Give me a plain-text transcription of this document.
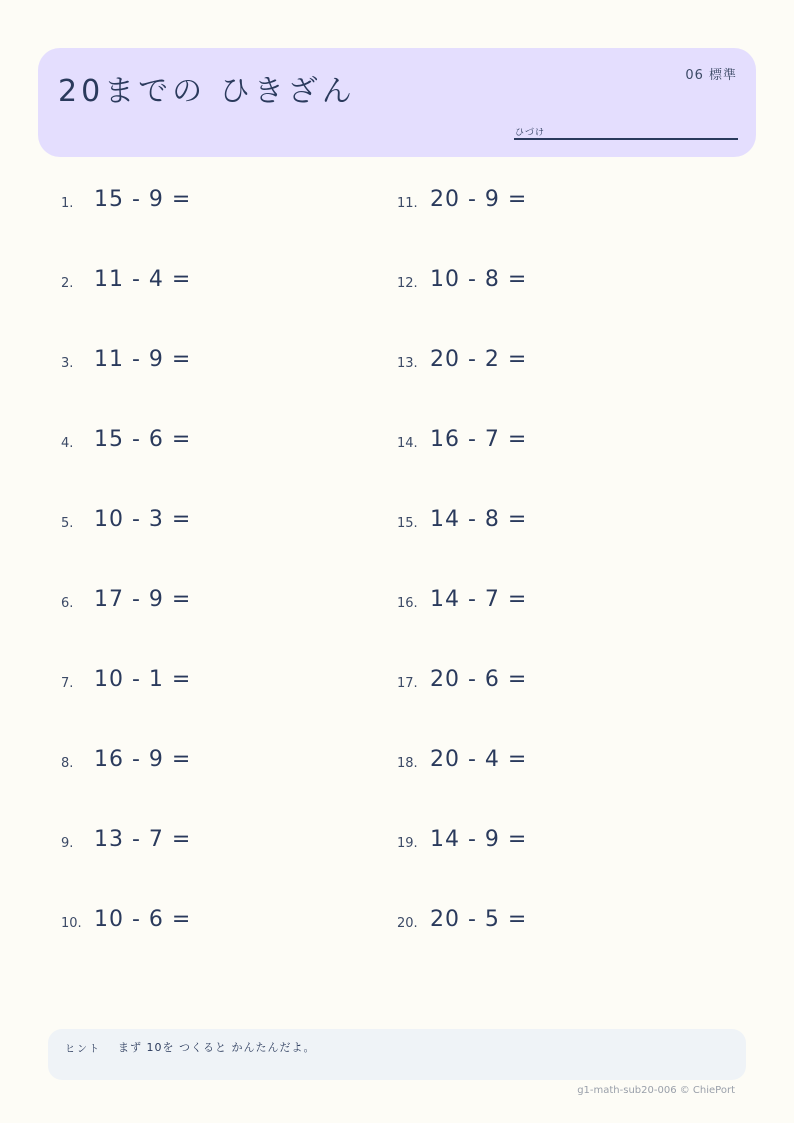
20までの ひきざん	06 標準
ひづけ
1. 15 - 9 =
2. 11 - 4 =
3. 11 - 9 =
4. 15 - 6 =
5. 10 - 3 =
6. 17 - 9 =
7. 10 - 1 =
8. 16 - 9 =
9. 13 - 7 =
10. 10 - 6 =
11. 20 - 9 =
12. 10 - 8 =
13. 20 - 2 =
14. 16 - 7 =
15. 14 - 8 =
16. 14 - 7 =
17. 20 - 6 =
18. 20 - 4 =
19. 14 - 9 =
20. 20 - 5 =
ヒント まず 10を つくると かんたんだよ。
g1-math-sub20-006 © ChiePort
